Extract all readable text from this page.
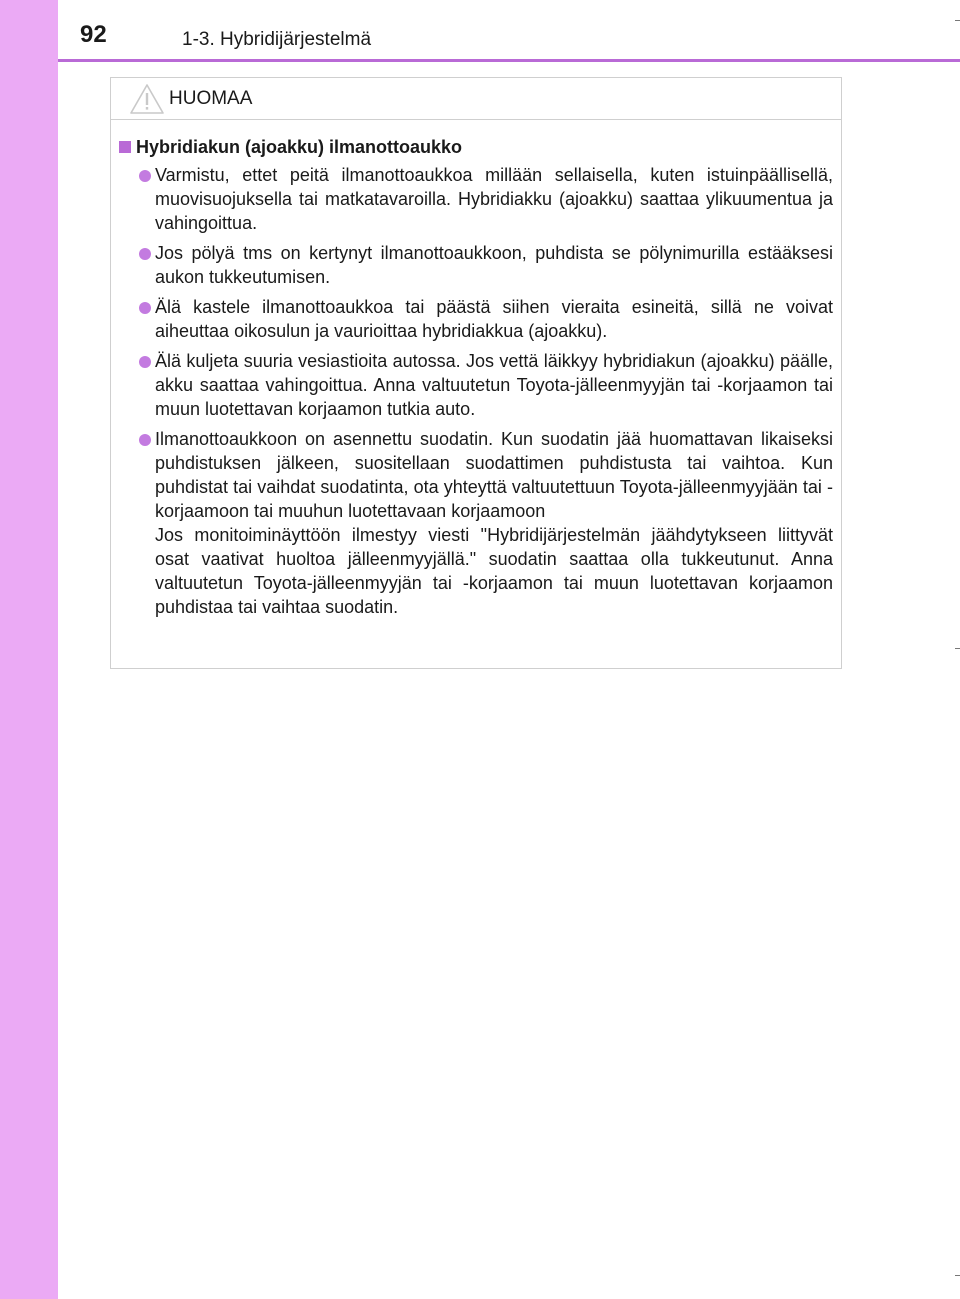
92	1-3. Hybridijärjestelmä
HUOMAA
Hybridiakun (ajoakku) ilmanottoaukko

Varmistu, ettet peitä ilmanottoaukkoa millään sellaisella, kuten istuinpäällisellä, muovisuojuksella tai matkatavaroilla. Hybridiakku (ajoakku) saattaa ylikuumentua ja vahingoittua.

Jos pölyä tms on kertynyt ilmanottoaukkoon, puhdista se pölynimurilla estääksesi aukon tukkeutumisen.

Älä kastele ilmanottoaukkoa tai päästä siihen vieraita esineitä, sillä ne voivat aiheuttaa oikosulun ja vaurioittaa hybridiakkua (ajoakku).

Älä kuljeta suuria vesiastioita autossa. Jos vettä läikkyy hybridiakun (ajoakku) päälle, akku saattaa vahingoittua. Anna valtuutetun Toyota-jälleenmyyjän tai -korjaamon tai muun luotettavan korjaamon tutkia auto.

Ilmanottoaukkoon on asennettu suodatin. Kun suodatin jää huomattavan likaiseksi puhdistuksen jälkeen, suositellaan suodattimen puhdistusta tai vaihtoa. Kun puhdistat tai vaihdat suodatinta, ota yhteyttä valtuutettuun Toyota-jälleenmyyjään tai -korjaamoon tai muuhun luotettavaan korjaamoon

Jos monitoiminäyttöön ilmestyy viesti "Hybridijärjestelmän jäähdytykseen liittyvät osat vaativat huoltoa jälleenmyyjällä." suodatin saattaa olla tukkeutunut. Anna valtuutetun Toyota-jälleenmyyjän tai -korjaamon tai muun luotettavan korjaamon puhdistaa tai vaihtaa suodatin.
